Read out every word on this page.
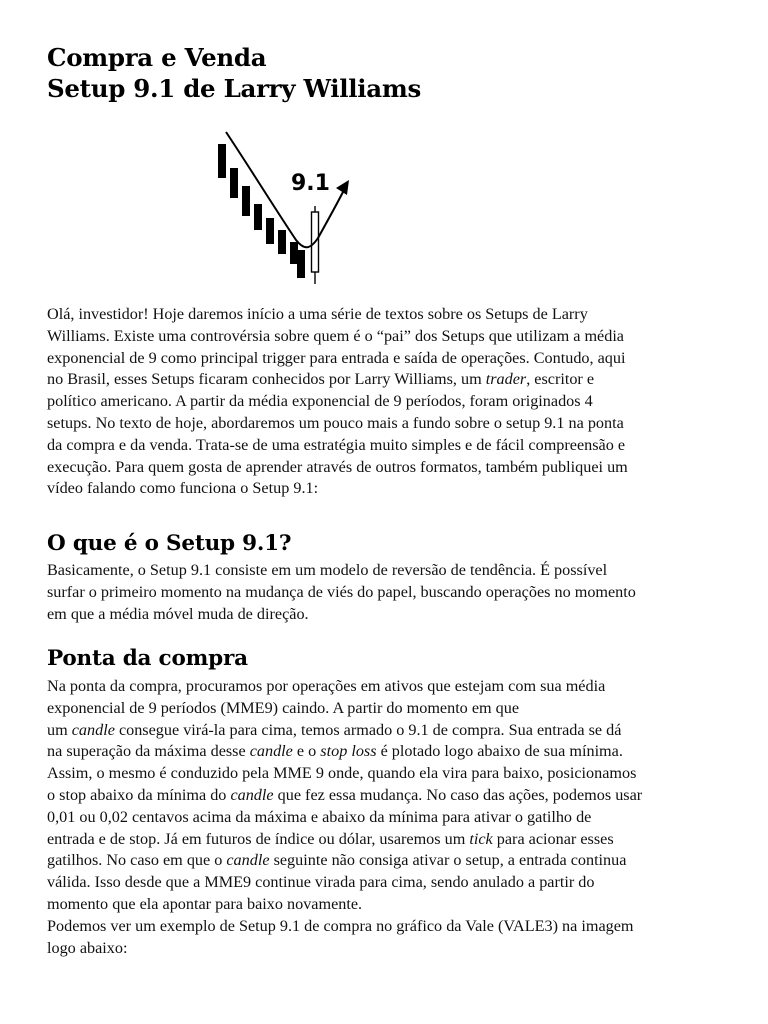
Compra e Venda
Setup 9.1 de Larry Williams
9.1
Olá, investidor! Hoje daremos início a uma série de textos sobre os Setups de Larry
Williams. Existe uma controvérsia sobre quem é o “pai” dos Setups que utilizam a média
exponencial de 9 como principal trigger para entrada e saída de operações. Contudo, aqui
no Brasil, esses Setups ficaram conhecidos por Larry Williams, um trader, escritor e
político americano. A partir da média exponencial de 9 períodos, foram originados 4
setups. No texto de hoje, abordaremos um pouco mais a fundo sobre o setup 9.1 na ponta
da compra e da venda. Trata-se de uma estratégia muito simples e de fácil compreensão e
execução. Para quem gosta de aprender através de outros formatos, também publiquei um
vídeo falando como funciona o Setup 9.1:
O que é o Setup 9.1?
Basicamente, o Setup 9.1 consiste em um modelo de reversão de tendência. É possível
surfar o primeiro momento na mudança de viés do papel, buscando operações no momento
em que a média móvel muda de direção.
Ponta da compra
Na ponta da compra, procuramos por operações em ativos que estejam com sua média
exponencial de 9 períodos (MME9) caindo. A partir do momento em que
um candle consegue virá-la para cima, temos armado o 9.1 de compra. Sua entrada se dá
na superação da máxima desse candle e o stop loss é plotado logo abaixo de sua mínima.
Assim, o mesmo é conduzido pela MME 9 onde, quando ela vira para baixo, posicionamos
o stop abaixo da mínima do candle que fez essa mudança. No caso das ações, podemos usar
0,01 ou 0,02 centavos acima da máxima e abaixo da mínima para ativar o gatilho de
entrada e de stop. Já em futuros de índice ou dólar, usaremos um tick para acionar esses
gatilhos. No caso em que o candle seguinte não consiga ativar o setup, a entrada continua
válida. Isso desde que a MME9 continue virada para cima, sendo anulado a partir do
momento que ela apontar para baixo novamente.
Podemos ver um exemplo de Setup 9.1 de compra no gráfico da Vale (VALE3) na imagem
logo abaixo:
